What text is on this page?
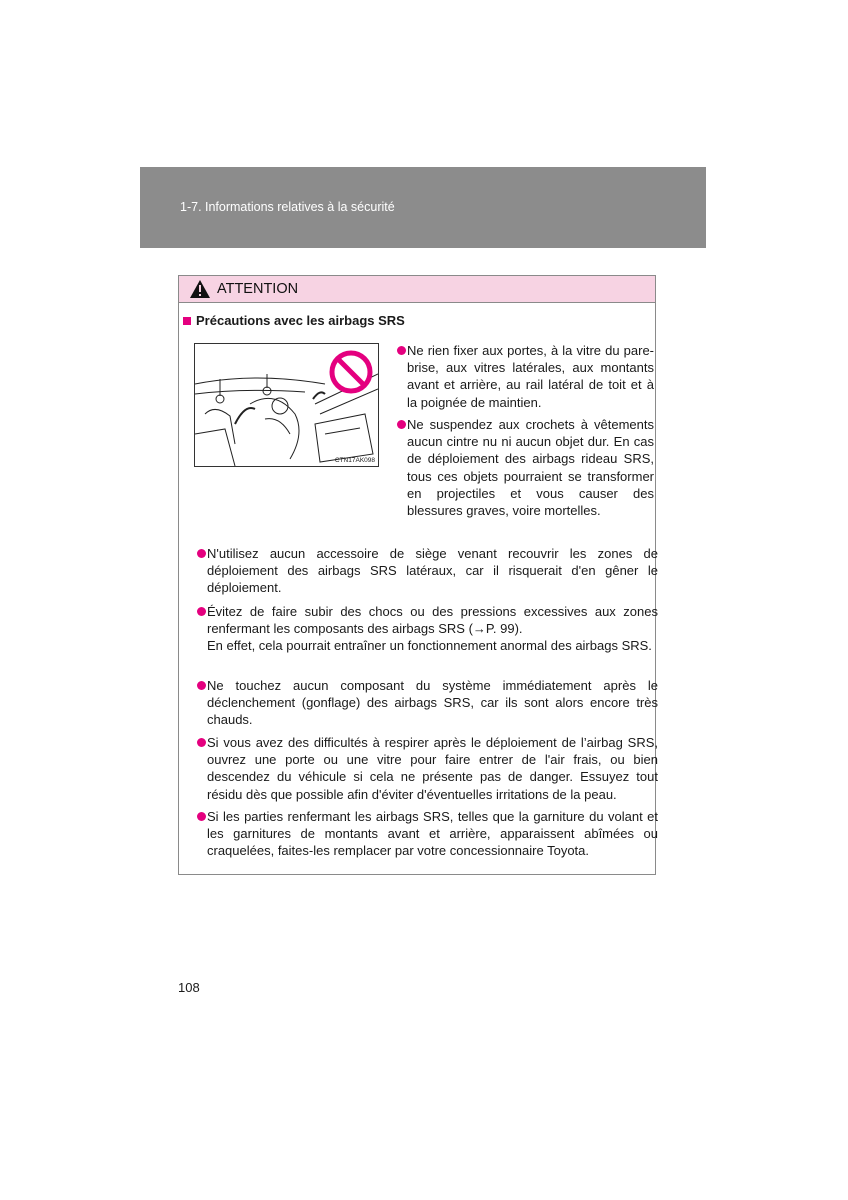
1-7. Informations relatives à la sécurité
ATTENTION
Précautions avec les airbags SRS
CTN17AK098
Ne rien fixer aux portes, à la vitre du pare-brise, aux vitres latérales, aux montants avant et arrière, au rail latéral de toit et à la poignée de maintien.
Ne suspendez aux crochets à vêtements aucun cintre nu ni aucun objet dur. En cas de déploiement des airbags rideau SRS, tous ces objets pourraient se transformer en projectiles et vous causer des blessures graves, voire mortelles.
N'utilisez aucun accessoire de siège venant recouvrir les zones de déploiement des airbags SRS latéraux, car il risquerait d'en gêner le déploiement.
Évitez de faire subir des chocs ou des pressions excessives aux zones renfermant les composants des airbags SRS (→P. 99).
En effet, cela pourrait entraîner un fonctionnement anormal des airbags SRS.
Ne touchez aucun composant du système immédiatement après le déclenchement (gonflage) des airbags SRS, car ils sont alors encore très chauds.
Si vous avez des difficultés à respirer après le déploiement de l’airbag SRS, ouvrez une porte ou une vitre pour faire entrer de l'air frais, ou bien descendez du véhicule si cela ne présente pas de danger. Essuyez tout résidu dès que possible afin d'éviter d'éventuelles irritations de la peau.
Si les parties renfermant les airbags SRS, telles que la garniture du volant et les garnitures de montants avant et arrière, apparaissent abîmées ou craquelées, faites-les remplacer par votre concessionnaire Toyota.
108
